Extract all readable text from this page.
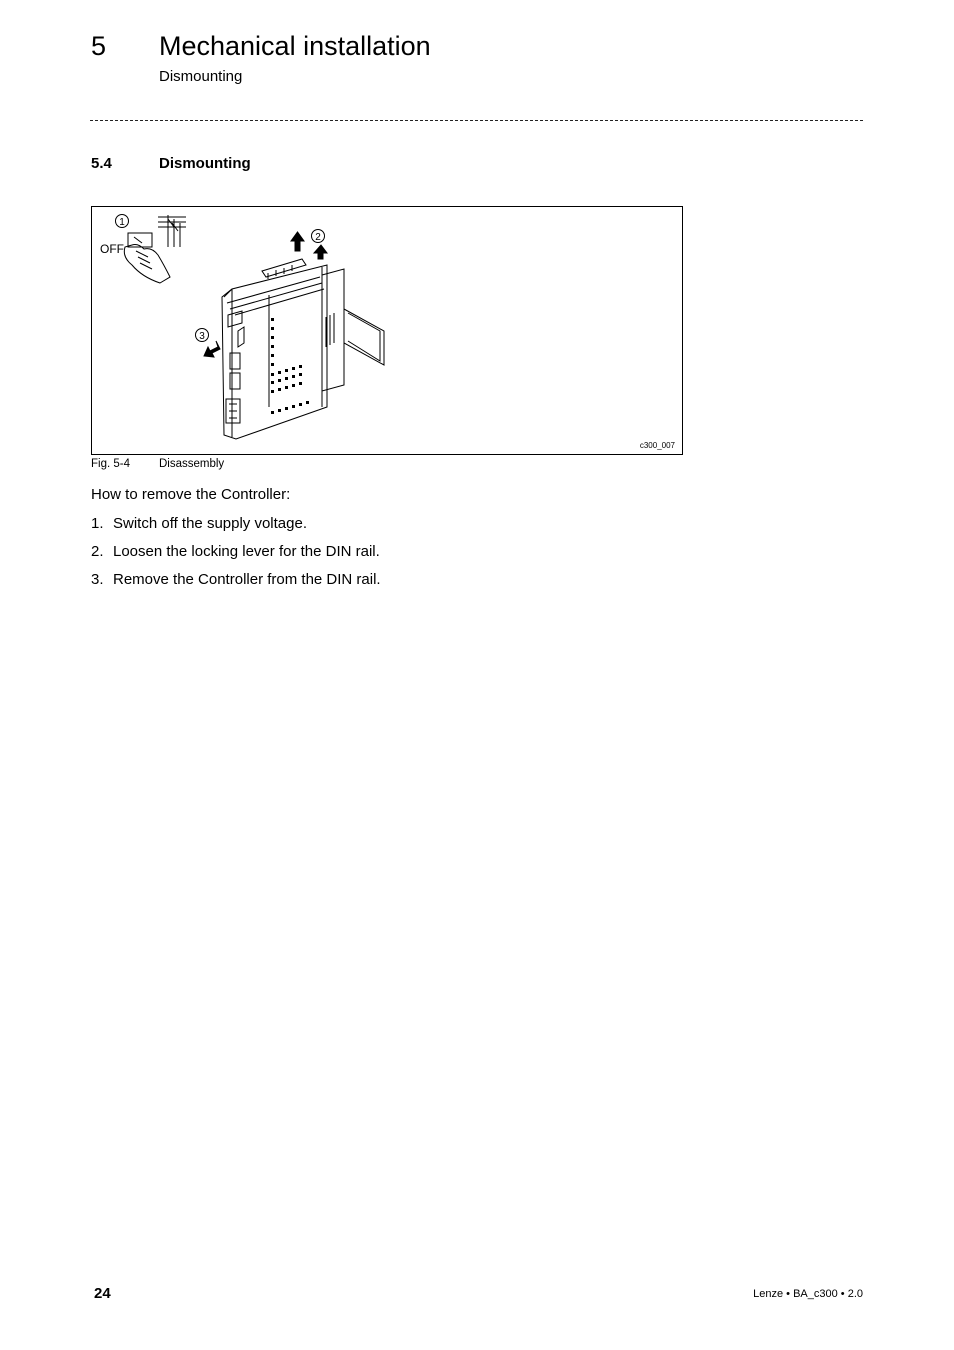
5 Mechanical installation
Dismounting
5.4	Dismounting
1
OFF
2
3
c300_007
Fig. 5-4	Disassembly
How to remove the Controller:
1. Switch off the supply voltage.
2. Loosen the locking lever for the DIN rail.
3. Remove the Controller from the DIN rail.
24	Lenze • BA_c300 • 2.0
